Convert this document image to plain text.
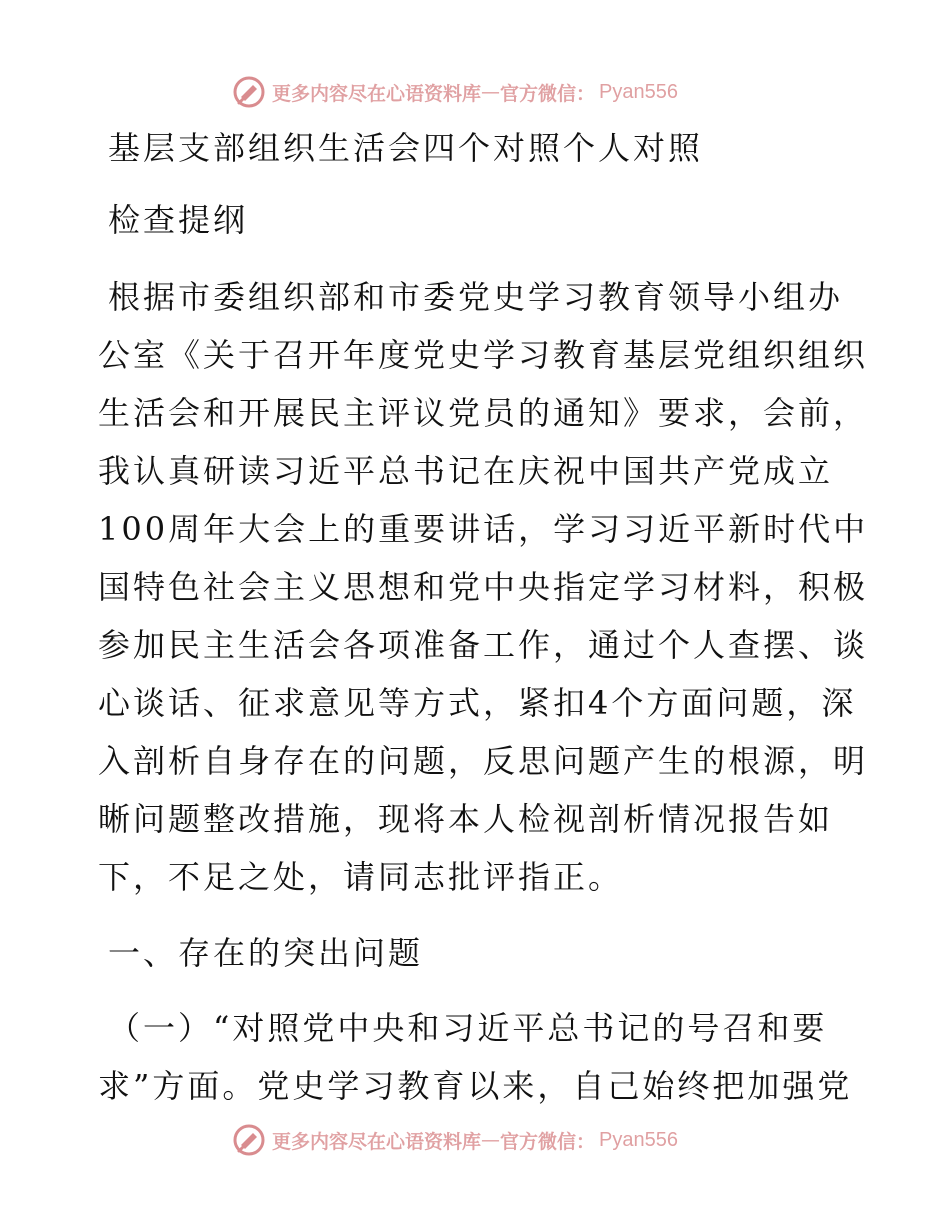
更多内容尽在心语资料库 — 官方微信： Pyan556
基层支部组织生活会四个对照个人对照
检查提纲
根据市委组织部和市委党史学习教育领导小组办
公室《关于召开年度党史学习教育基层党组织组织
生活会和开展民主评议党员的通知》要求，会前，
我认真研读习近平总书记在庆祝中国共产党成立
100周年大会上的重要讲话，学习习近平新时代中
国特色社会主义思想和党中央指定学习材料，积极
参加民主生活会各项准备工作，通过个人查摆、谈
心谈话、征求意见等方式，紧扣4个方面问题，深
入剖析自身存在的问题，反思问题产生的根源，明
晰问题整改措施，现将本人检视剖析情况报告如
下，不足之处，请同志批评指正。
一、存在的突出问题
（一）“对照党中央和习近平总书记的号召和要
求”方面。党史学习教育以来，自己始终把加强党
更多内容尽在心语资料库 — 官方微信： Pyan556
